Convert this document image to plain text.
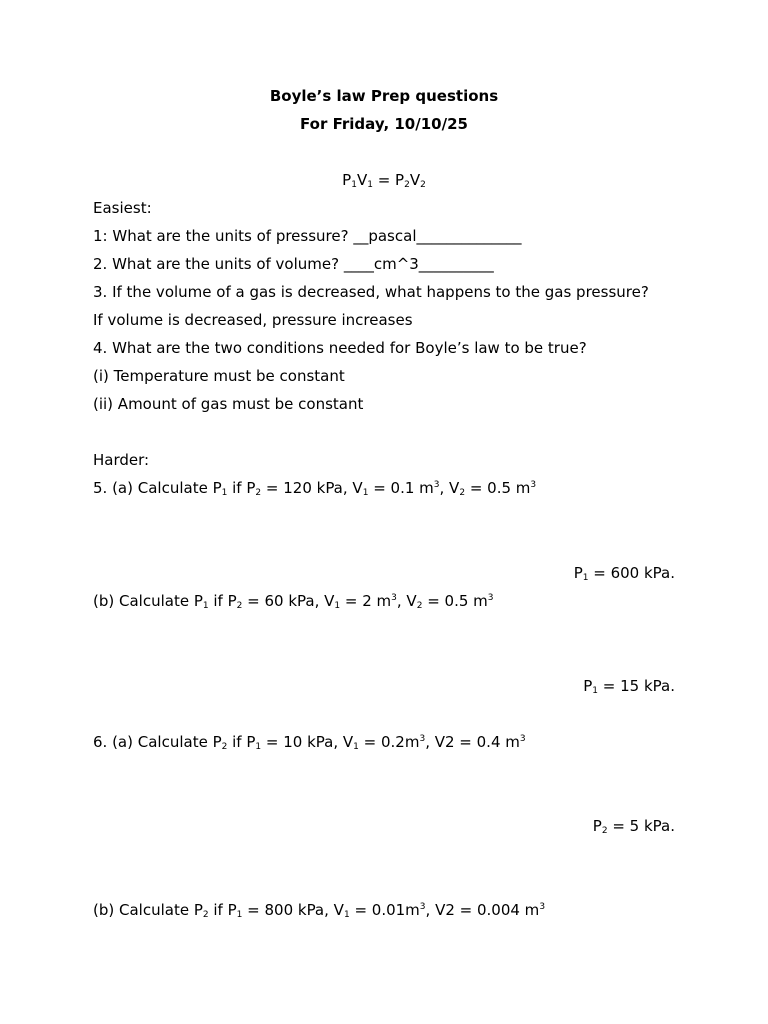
Boyle’s law Prep questions
For Friday, 10/10/25
$P_1V_1 = P_2V_2$
Easiest:
1: What are the units of pressure? __pascal______________
2. What are the units of volume? ____cm^3__________
3. If the volume of a gas is decreased, what happens to the gas pressure?
If volume is decreased, pressure increases
4. What are the two conditions needed for Boyle’s law to be true?
(i) Temperature must be constant
(ii) Amount of gas must be constant
Harder:
5. (a) Calculate $P_1$ if $P_2 = 120$ kPa, $V_1 = 0.1$ $m^3$, $V_2 = 0.5$ $m^3$
$P_1 = 600$ kPa.
(b) Calculate $P_1$ if $P_2 = 60$ kPa, $V_1 = 2$ $m^3$, $V_2 = 0.5$ $m^3$
$P_1 = 15$ kPa.
6. (a) Calculate $P_2$ if $P_1 = 10$ kPa, $V_1 = 0.2m^3$, V2 = 0.4 $m^3$
$P_2 = 5$ kPa.
(b) Calculate $P_2$ if $P_1 = 800$ kPa, $V_1 = 0.01m^3$, V2 = 0.004 $m^3$
